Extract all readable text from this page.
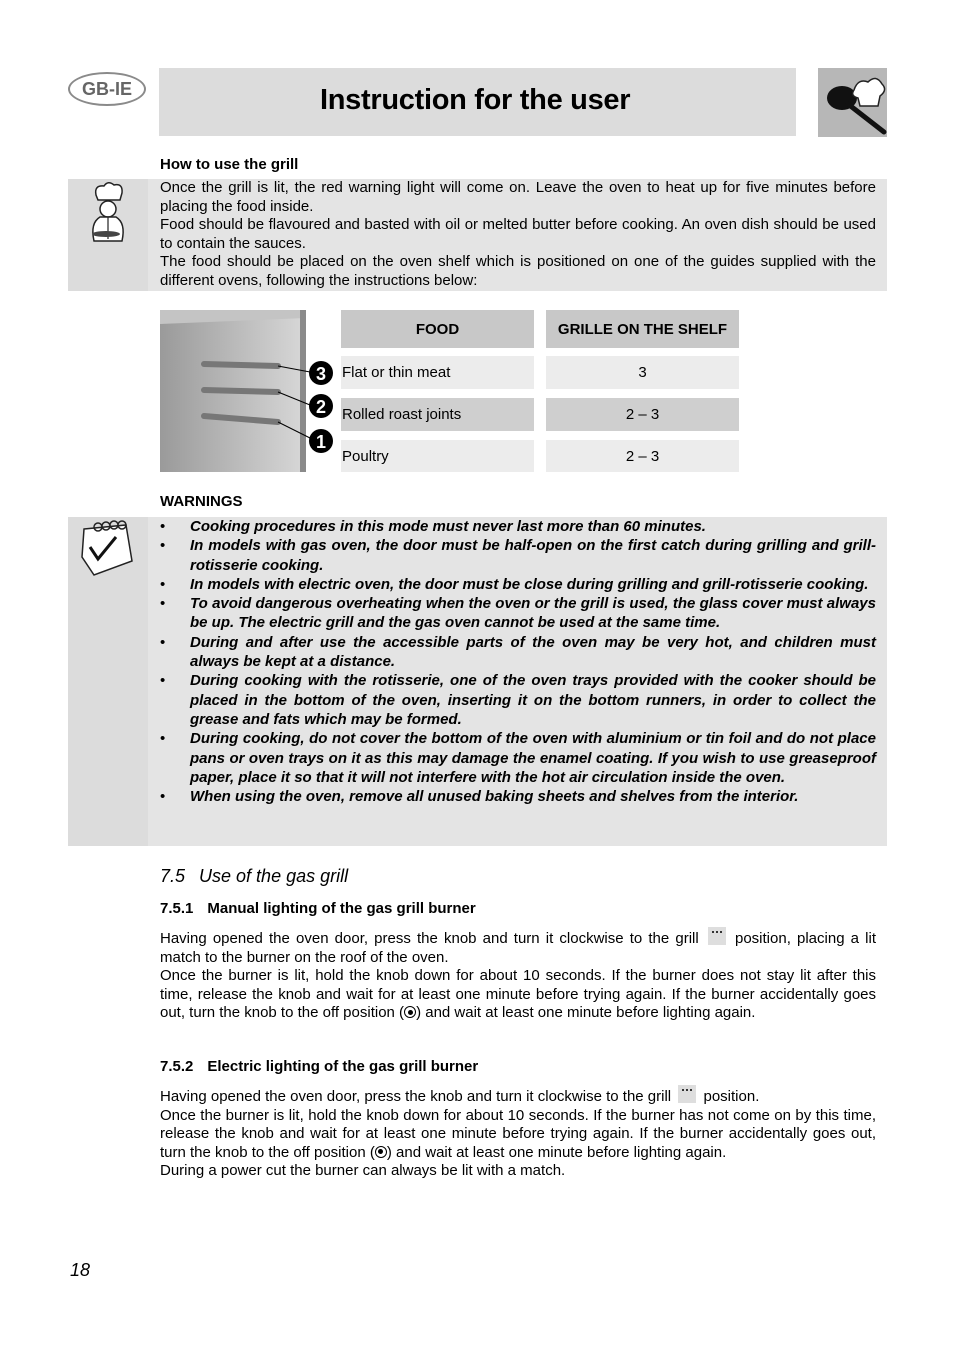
GB-IE	Instruction for the user
How to use the grill
Once the grill is lit, the red warning light will come on. Leave the oven to heat up for five minutes before placing the food inside.
Food should be flavoured and basted with oil or melted butter before cooking. An oven dish should be used to contain the sauces.
The food should be placed on the oven shelf which is positioned on one of the guides supplied with the different ovens, following the instructions below:
3
2
1
FOOD	GRILLE ON THE SHELF
Flat or thin meat	3
Rolled roast joints	2 – 3
Poultry	2 – 3
WARNINGS
• Cooking procedures in this mode must never last more than 60 minutes.
• In models with gas oven, the door must be half-open on the first catch during grilling and grill-rotisserie cooking.
• In models with electric oven, the door must be close during grilling and grill-rotisserie cooking.
• To avoid dangerous overheating when the oven or the grill is used, the glass cover must always be up. The electric grill and the gas oven cannot be used at the same time.
• During and after use the accessible parts of the oven may be very hot, and children must always be kept at a distance.
• During cooking with the rotisserie, one of the oven trays provided with the cooker should be placed in the bottom of the oven, inserting it on the bottom runners, in order to collect the grease and fats which may be formed.
• During cooking, do not cover the bottom of the oven with aluminium or tin foil and do not place pans or oven trays on it as this may damage the enamel coating. If you wish to use greaseproof paper, place it so that it will not interfere with the hot air circulation inside the oven.
• When using the oven, remove all unused baking sheets and shelves from the interior.
7.5 Use of the gas grill
7.5.1 Manual lighting of the gas grill burner
Having opened the oven door, press the knob and turn it clockwise to the grill position, placing a lit match to the burner on the roof of the oven.
Once the burner is lit, hold the knob down for about 10 seconds. If the burner does not stay lit after this time, release the knob and wait for at least one minute before trying again. If the burner accidentally goes out, turn the knob to the off position ( ) and wait at least one minute before lighting again.
7.5.2 Electric lighting of the gas grill burner
Having opened the oven door, press the knob and turn it clockwise to the grill position.
Once the burner is lit, hold the knob down for about 10 seconds. If the burner has not come on by this time, release the knob and wait for at least one minute before trying again. If the burner accidentally goes out, turn the knob to the off position ( ) and wait at least one minute before lighting again.
During a power cut the burner can always be lit with a match.
18
